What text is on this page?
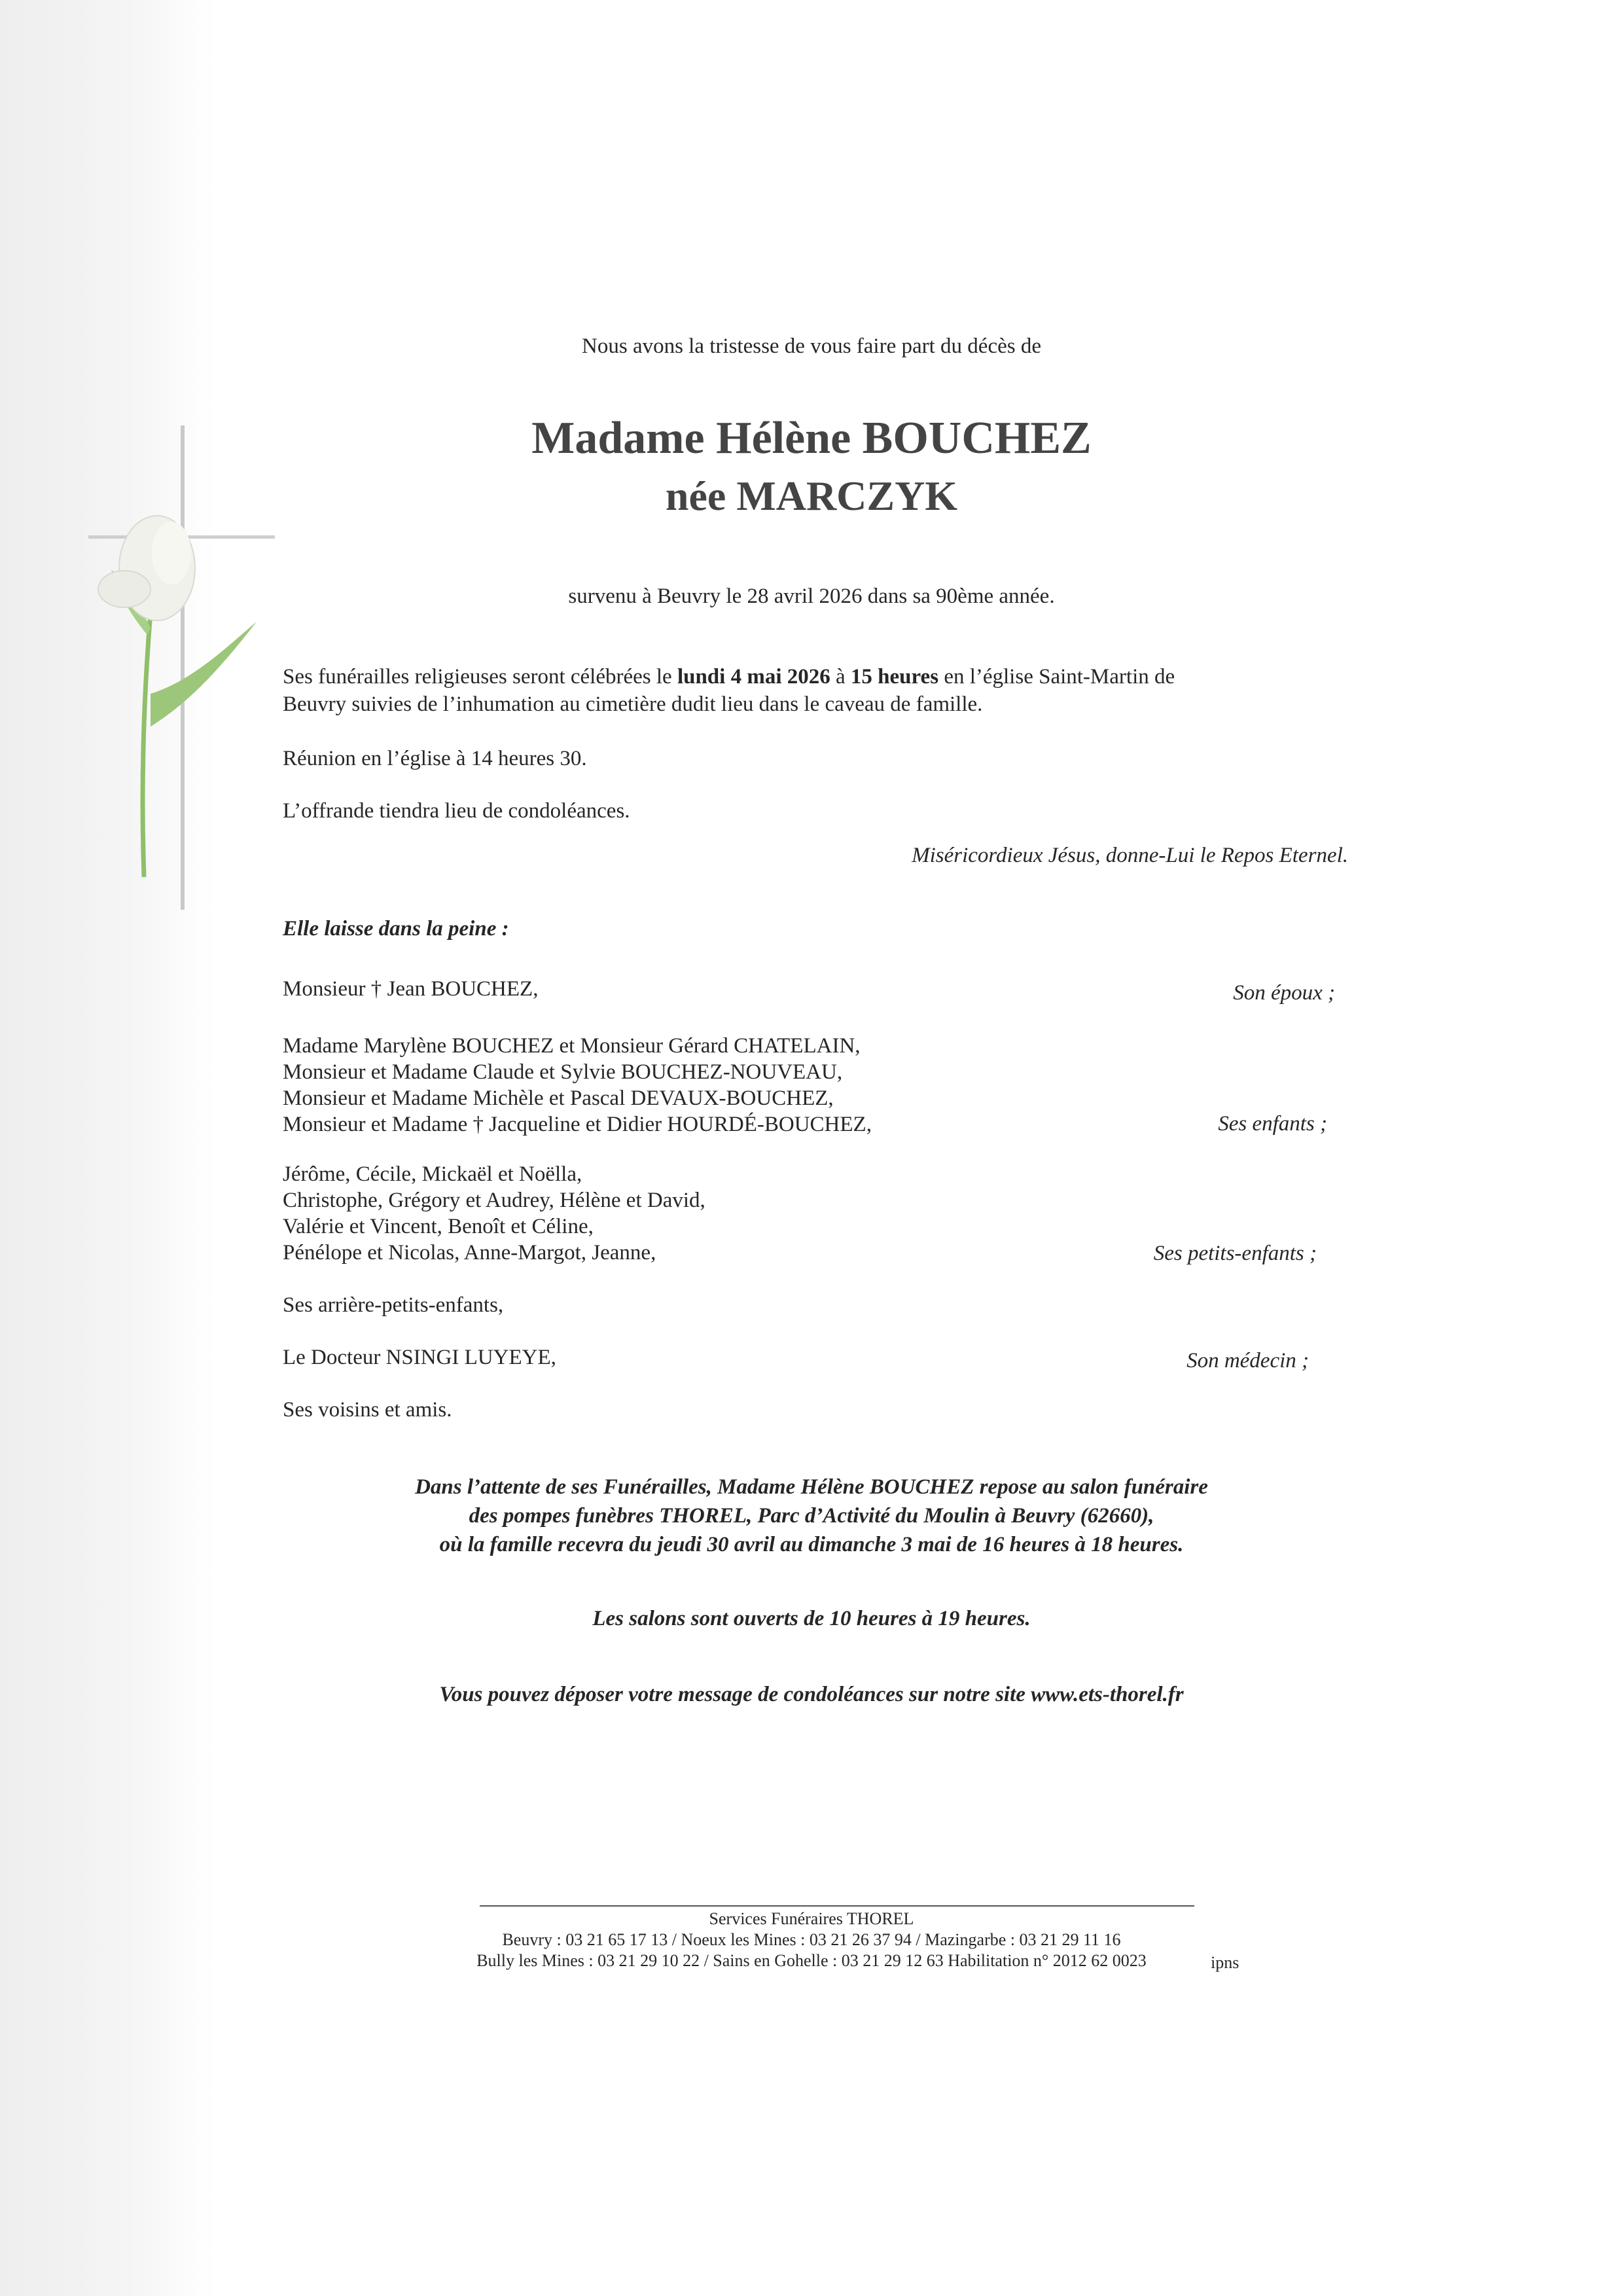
Nous avons la tristesse de vous faire part du décès de
Madame Hélène BOUCHEZ
née MARCZYK
survenu à Beuvry le 28 avril 2026 dans sa 90ème année.
Ses funérailles religieuses seront célébrées le lundi 4 mai 2026 à 15 heures en l’église Saint-Martin de
Beuvry suivies de l’inhumation au cimetière dudit lieu dans le caveau de famille.
Réunion en l’église à 14 heures 30.
L’offrande tiendra lieu de condoléances.
Miséricordieux Jésus, donne-Lui le Repos Eternel.
Elle laisse dans la peine :
Monsieur † Jean BOUCHEZ,	Son époux ;
Madame Marylène BOUCHEZ et Monsieur Gérard CHATELAIN,
Monsieur et Madame Claude et Sylvie BOUCHEZ-NOUVEAU,
Monsieur et Madame Michèle et Pascal DEVAUX-BOUCHEZ,
Monsieur et Madame † Jacqueline et Didier HOURDÉ-BOUCHEZ,	Ses enfants ;
Jérôme, Cécile, Mickaël et Noëlla,
Christophe, Grégory et Audrey, Hélène et David,
Valérie et Vincent, Benoît et Céline,
Pénélope et Nicolas, Anne-Margot, Jeanne,	Ses petits-enfants ;
Ses arrière-petits-enfants,
Le Docteur NSINGI LUYEYE,	Son médecin ;
Ses voisins et amis.
Dans l’attente de ses Funérailles, Madame Hélène BOUCHEZ repose au salon funéraire
des pompes funèbres THOREL, Parc d’Activité du Moulin à Beuvry (62660),
où la famille recevra du jeudi 30 avril au dimanche 3 mai de 16 heures à 18 heures.
Les salons sont ouverts de 10 heures à 19 heures.
Vous pouvez déposer votre message de condoléances sur notre site www.ets-thorel.fr
Services Funéraires THOREL
Beuvry : 03 21 65 17 13 / Noeux les Mines : 03 21 26 37 94 / Mazingarbe : 03 21 29 11 16
Bully les Mines : 03 21 29 10 22 / Sains en Gohelle : 03 21 29 12 63 Habilitation n° 2012 62 0023	ipns
